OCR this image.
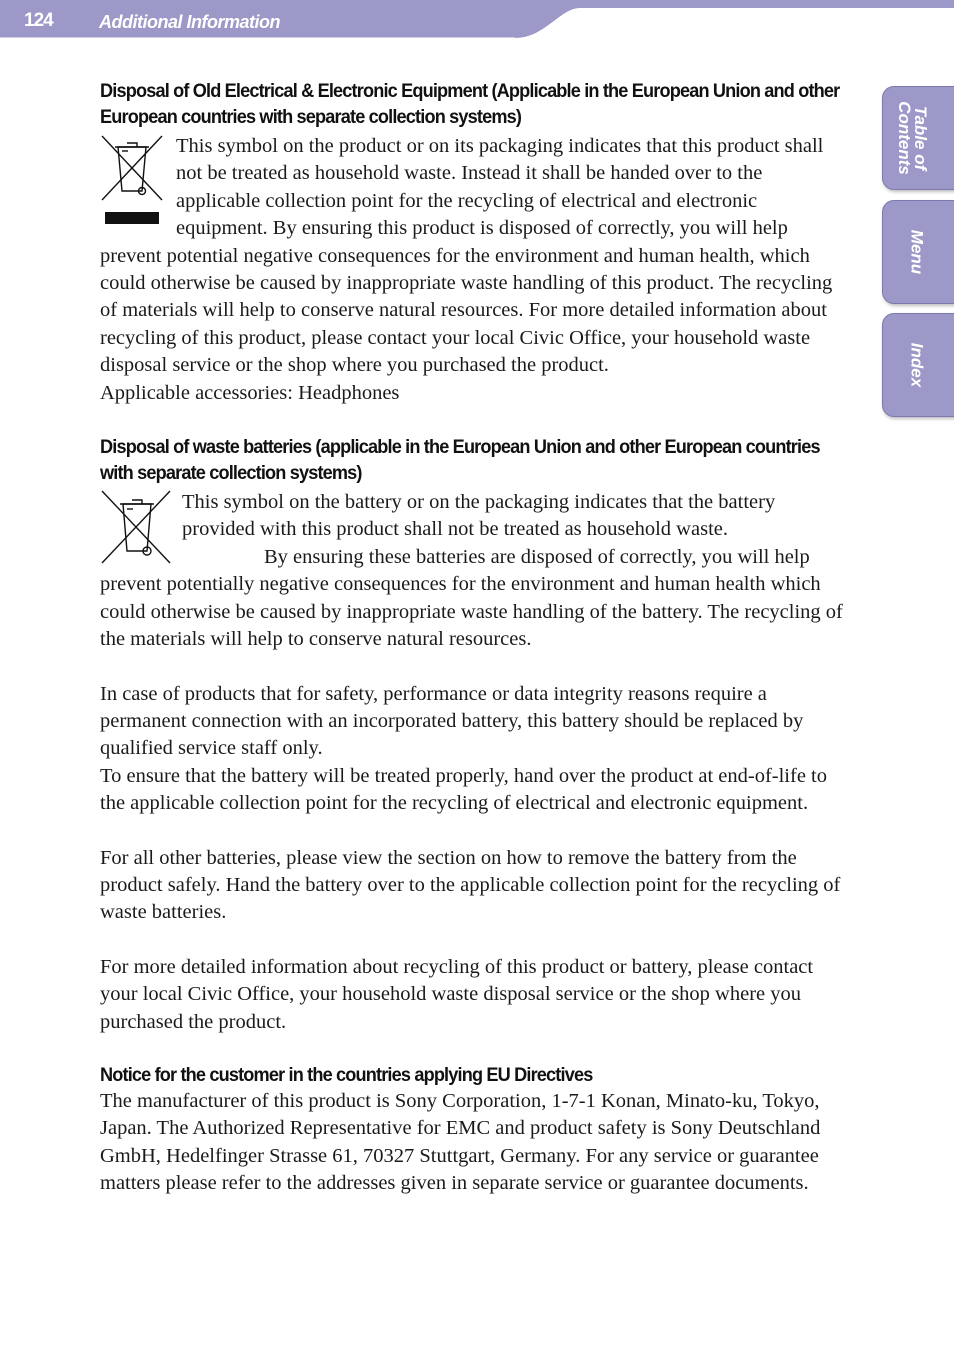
124	Additional Information
Table of
Contents
Menu
Index
Disposal of Old Electrical & Electronic Equipment (Applicable in the European Union and other European countries with separate collection systems)

This symbol on the product or on its packaging indicates that this product shall not be treated as household waste. Instead it shall be handed over to the applicable collection point for the recycling of electrical and electronic equipment. By ensuring this product is disposed of correctly, you will help prevent potential negative consequences for the environment and human health, which could otherwise be caused by inappropriate waste handling of this product. The recycling of materials will help to conserve natural resources. For more detailed information about recycling of this product, please contact your local Civic Office, your household waste disposal service or the shop where you purchased the product.

Applicable accessories: Headphones

Disposal of waste batteries (applicable in the European Union and other European countries with separate collection systems)

This symbol on the battery or on the packaging indicates that the battery provided with this product shall not be treated as household waste.

By ensuring these batteries are disposed of correctly, you will help prevent potentially negative consequences for the environment and human health which could otherwise be caused by inappropriate waste handling of the battery. The recycling of the materials will help to conserve natural resources.

In case of products that for safety, performance or data integrity reasons require a permanent connection with an incorporated battery, this battery should be replaced by qualified service staff only.

To ensure that the battery will be treated properly, hand over the product at end-of-life to the applicable collection point for the recycling of electrical and electronic equipment.

For all other batteries, please view the section on how to remove the battery from the product safely. Hand the battery over to the applicable collection point for the recycling of waste batteries.

For more detailed information about recycling of this product or battery, please contact your local Civic Office, your household waste disposal service or the shop where you purchased the product.

Notice for the customer in the countries applying EU Directives

The manufacturer of this product is Sony Corporation, 1-7-1 Konan, Minato-ku, Tokyo, Japan. The Authorized Representative for EMC and product safety is Sony Deutschland GmbH, Hedelfinger Strasse 61, 70327 Stuttgart, Germany. For any service or guarantee matters please refer to the addresses given in separate service or guarantee documents.
